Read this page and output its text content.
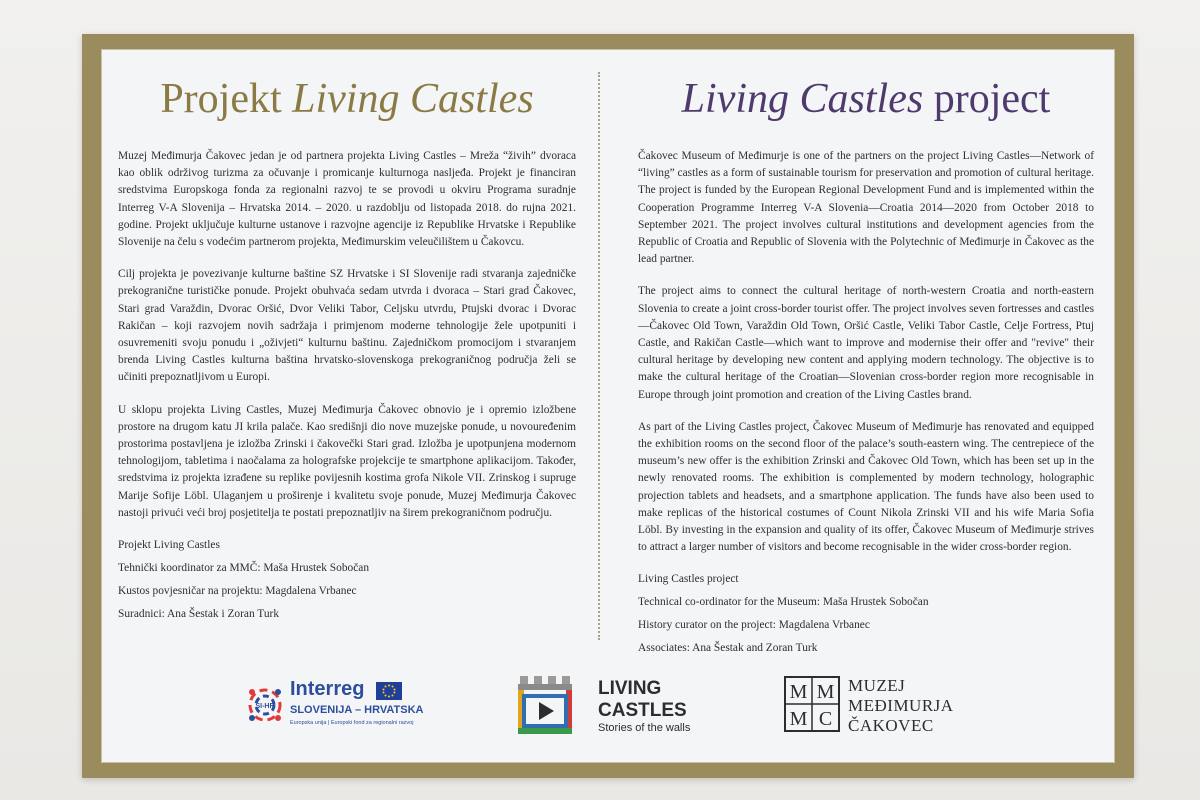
Projekt Living Castles

Muzej Međimurja Čakovec jedan je od partnera projekta Living Castles – Mreža “živih” dvoraca kao oblik održivog turizma za očuvanje i promicanje kulturnoga nasljeđa. Projekt je financiran sredstvima Europskoga fonda za regionalni razvoj te se provodi u okviru Programa suradnje Interreg V-A Slovenija – Hrvatska 2014. – 2020. u razdoblju od listopada 2018. do rujna 2021. godine. Projekt uključuje kulturne ustanove i razvojne agencije iz Republike Hrvatske i Republike Slovenije na čelu s vodećim partnerom projekta, Međimurskim veleučilištem u Čakovcu.

Cilj projekta je povezivanje kulturne baštine SZ Hrvatske i SI Slovenije radi stvaranja zajedničke prekogranične turističke ponude. Projekt obuhvaća sedam utvrda i dvoraca – Stari grad Čakovec, Stari grad Varaždin, Dvorac Oršić, Dvor Veliki Tabor, Celjsku utvrdu, Ptujski dvorac i Dvorac Rakičan – koji razvojem novih sadržaja i primjenom moderne tehnologije žele upotpuniti i osuvremeniti svoju ponudu i „oživjeti“ kulturnu baštinu. Zajedničkom promocijom i stvaranjem brenda Living Castles kulturna baština hrvatsko-slovenskoga prekograničnog područja želi se učiniti prepoznatljivom u Europi.

U sklopu projekta Living Castles, Muzej Međimurja Čakovec obnovio je i opremio izložbene prostore na drugom katu JI krila palače. Kao središnji dio nove muzejske ponude, u novouređenim prostorima postavljena je izložba Zrinski i čakovečki Stari grad. Izložba je upotpunjena modernom tehnologijom, tabletima i naočalama za holografske projekcije te smartphone aplikacijom. Također, sredstvima iz projekta izrađene su replike povijesnih kostima grofa Nikole VII. Zrinskog i supruge Marije Sofije Löbl. Ulaganjem u proširenje i kvalitetu svoje ponude, Muzej Međimurja Čakovec nastoji privući veći broj posjetitelja te postati prepoznatljiv na širem prekograničnom području.

Projekt Living Castles
Tehnički koordinator za MMČ: Maša Hrustek Sobočan
Kustos povjesničar na projektu: Magdalena Vrbanec
Suradnici: Ana Šestak i Zoran Turk
Living Castles project

Čakovec Museum of Međimurje is one of the partners on the project Living Castles—Network of “living” castles as a form of sustainable tourism for preservation and promotion of cultural heritage. The project is funded by the European Regional Development Fund and is implemented within the Cooperation Programme Interreg V-A Slovenia—Croatia 2014—2020 from October 2018 to September 2021. The project involves cultural institutions and development agencies from the Republic of Croatia and Republic of Slovenia with the Polytechnic of Međimurje in Čakovec as the lead partner.

The project aims to connect the cultural heritage of north-western Croatia and north-eastern Slovenia to create a joint cross-border tourist offer. The project involves seven fortresses and castles—Čakovec Old Town, Varaždin Old Town, Oršić Castle, Veliki Tabor Castle, Celje Fortress, Ptuj Castle, and Rakičan Castle—which want to improve and modernise their offer and "revive" their cultural heritage by developing new content and applying modern technology. The objective is to make the cultural heritage of the Croatian—Slovenian cross-border region more recognisable in Europe through joint promotion and creation of the Living Castles brand.

As part of the Living Castles project, Čakovec Museum of Međimurje has renovated and equipped the exhibition rooms on the second floor of the palace’s south-eastern wing. The centrepiece of the museum’s new offer is the exhibition Zrinski and Čakovec Old Town, which has been set up in the newly renovated rooms. The exhibition is complemented by modern technology, holographic projection tablets and headsets, and a smartphone application. The funds have also been used to make replicas of the historical costumes of Count Nikola Zrinski VII and his wife Maria Sofia Löbl. By investing in the expansion and quality of its offer, Čakovec Museum of Međimurje strives to attract a larger number of visitors and become recognisable in the wider cross-border region.

Living Castles project
Technical co-ordinator for the Museum: Maša Hrustek Sobočan
History curator on the project: Magdalena Vrbanec
Associates: Ana Šestak and Zoran Turk
SI-HR
Interreg
SLOVENIJA – HRVATSKA
Europska unija | Europski fond za regionalni razvoj
LIVING
CASTLES
Stories of the walls
M M
M C
MUZEJ
MEĐIMURJA
ČAKOVEC
